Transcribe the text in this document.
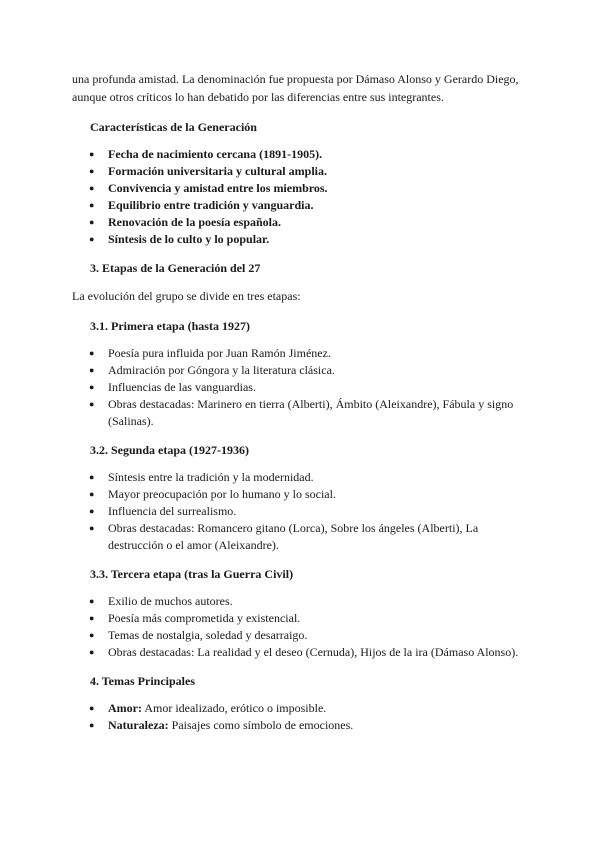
una profunda amistad. La denominación fue propuesta por Dámaso Alonso y Gerardo Diego, aunque otros críticos lo han debatido por las diferencias entre sus integrantes.

Características de la Generación
● Fecha de nacimiento cercana (1891-1905).
● Formación universitaria y cultural amplia.
● Convivencia y amistad entre los miembros.
● Equilibrio entre tradición y vanguardia.
● Renovación de la poesía española.
● Síntesis de lo culto y lo popular.
3. Etapas de la Generación del 27

La evolución del grupo se divide en tres etapas:

3.1. Primera etapa (hasta 1927)
● Poesía pura influida por Juan Ramón Jiménez.
● Admiración por Góngora y la literatura clásica.
● Influencias de las vanguardias.
● Obras destacadas: Marinero en tierra (Alberti), Ámbito (Aleixandre), Fábula y signo (Salinas).
3.2. Segunda etapa (1927-1936)
● Síntesis entre la tradición y la modernidad.
● Mayor preocupación por lo humano y lo social.
● Influencia del surrealismo.
● Obras destacadas: Romancero gitano (Lorca), Sobre los ángeles (Alberti), La destrucción o el amor (Aleixandre).
3.3. Tercera etapa (tras la Guerra Civil)
● Exilio de muchos autores.
● Poesía más comprometida y existencial.
● Temas de nostalgia, soledad y desarraigo.
● Obras destacadas: La realidad y el deseo (Cernuda), Hijos de la ira (Dámaso Alonso).
4. Temas Principales
● Amor: Amor idealizado, erótico o imposible.
● Naturaleza: Paisajes como símbolo de emociones.
